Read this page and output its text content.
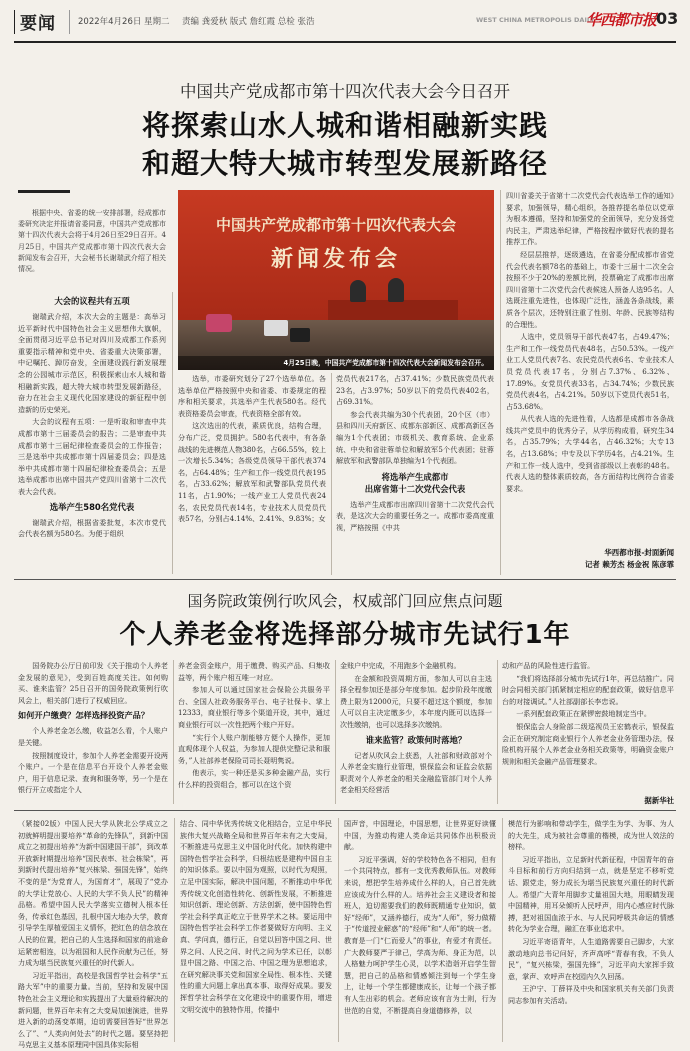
要闻	2022年4月26日 星期二 责编 龚爱秋 版式 詹红霞 总检 张浩	WEST CHINA METROPOLIS DAILY
华西都市报 03
中国共产党成都市第十四次代表大会今日召开
将探索山水人城和谐相融新实践
和超大特大城市转型发展新路径
根据中央、省委的统一安排部署，经成都市委研究决定并报请省委同意，中国共产党成都市第十四次代表大会将于4月26日至29日召开。4月25日，中国共产党成都市第十四次代表大会新闻发布会召开，大会秘书长谢瑞武介绍了相关情况。
大会的议程共有五项

谢瑞武介绍，本次大会的主题是：高举习近平新时代中国特色社会主义思想伟大旗帜，全面贯彻习近平总书记对四川及成都工作系列重要指示精神和党中央、省委重大决策部署，中记嘱托、踔厉奋发，全面建设践行新发展理念的公园城市示范区，积极探索山水人城和谐相融新实践，超大特大城市转型发展新路径，奋力在社会主义现代化国家建设的新征程中创造新的历史荣光。

大会的议程有五项：一是听取和审查中共成都市第十三届委员会的报告；二是审查中共成都市第十三届纪律检查委员会的工作报告；三是选举中共成都市第十四届委员会；四是选举中共成都市第十四届纪律检查委员会；五是选举成都市出席中国共产党四川省第十二次代表大会代表。

选举产生580名党代表

谢瑞武介绍，根据省委批复，本次市党代会代表名额为580名。为便于组织

中国共产党成都市第十四次代表大会
新闻发布会
4月25日晚，中国共产党成都市第十四次代表大会新闻发布会召开。

选举，市委研究划分了27个选举单位。各选举单位严格按照中央和省委、市委规定的程序和相关要求，共选举产生代表580名。经代表资格委员会审查，代表资格全部有效。

这次选出的代表，素质优良，结构合理，分布广泛，党员拥护。580名代表中，有各条战线的先进模范人物380名，占66.55%，较上一次增长5.34%；各级党员领导干部代表374名，占64.48%；生产和工作一线党员代表195名，占33.62%；解放军和武警部队党员代表11名，占1.90%；一线产业工人党员代表24名，农民党员代表14名，专业技术人员党员代表57名，分别占4.14%、2.41%、9.83%；女

党员代表217名，占37.41%；少数民族党员代表23名，占3.97%；50岁以下的党员代表402名，占69.31%。

参会代表共编为30个代表团，20个区（市）县和四川天府新区、成都东部新区、成都高新区各编为1个代表团；市级机关、教育系统、企业系统、中央和省驻蓉单位和解放军5个代表团；驻蓉解放军和武警部队单独编为1个代表团。

将选举产生成都市
出席省第十二次党代会代表

选举产生成都市出席四川省第十二次党代会代表，是这次大会的重要任务之一。成都市委高度重视，严格按照《中共

四川省委关于省第十二次党代会代表选举工作的通知》要求，加强领导，精心组织，各推荐提名单位以党章为根本遵循，坚持和加强党的全面领导，充分发扬党内民主，严肃选举纪律，严格按程序做好代表的提名推荐工作。

经层层推荐，逐级遴选，在省委分配成都市省党代会代表名额78名的基础上，市委十三届十二次全会按照不少于20%的差额比例，投票确定了成都市出席四川省第十二次党代会代表候选人预备人选95名。人选既注重先进性，也体现广泛性，涵盖各条战线，素质各个层次，还特别注重了性别、年龄、民族等结构的合理性。

人选中，党员领导干部代表47名，占49.47%；生产和工作一线党员代表48名，占50.53%。一线产业工人党员代表7名、农民党员代表6名、专业技术人员党员代表17名，分别占7.37%、6.32%、17.89%。女党员代表33名，占34.74%；少数民族党员代表4名，占4.21%。50岁以下党员代表51名，占53.68%。

从代表人选的先进性看，人选都是成都市各条战线共产党员中的优秀分子，从学历构成看，研究生34名，占35.79%；大学44名，占46.32%；大专13名，占13.68%；中专及以下学历4名，占4.21%。生产和工作一线人选中，受到省部级以上表彰的48名。代表人选的整体素质较高，各方面结构比例符合省委要求。

华西都市报-封面新闻
记者 赖芳杰 杨金祝 陈彦霏
国务院政策例行吹风会，权威部门回应焦点问题
个人养老金将选择部分城市先试行1年

国务院办公厅日前印发《关于推动个人养老金发展的意见》，受到百姓高度关注。如何购买、谁来监管？25日召开的国务院政策例行吹风会上，相关部门进行了权威回应。

如何开户缴费？怎样选择投资产品？

个人养老金怎么缴，收益怎么看，个人账户是关键。

按照制度设计，参加个人养老金需要开设两个账户。一个是在信息平台开设个人养老金账户，用于信息记录、查询和服务等，另一个是在银行开立或指定个人

养老金资金账户，用于缴费、购买产品、归集收益等，两个账户相互唯一对应。

参加人可以通过国家社会保险公共服务平台、全国人社政务服务平台、电子社保卡、掌上12333，商业银行等多个渠道开设，其中，通过商业银行可以一次性把两个账户开好。

“实行个人账户制能够方便个人操作，更加直观体现个人权益，为参加人提供完整记录和服务，”人社部养老保险司司长聂明隽说。

他表示，实一种还是买多种金融产品，实行什么样的投资组合，都可以在这个资

金账户中完成，不用跑多个金融机构。

在金额和投资周期方面，参加人可以自主选择全程参加还是部分年度参加。起步阶段年度缴费上限为12000元，只要不超过这个额度，参加人可以自主决定缴多少，本年度内既可以选择一次性缴纳，也可以选择多次缴纳。

谁来监管？政策何时落地？

记者从吹风会上获悉，人社部和财政部对个人养老金实施行业管理，银保监会和证监会依据职责对个人养老金的相关金融监管部门对个人养老金相关经营活

动和产品的风险性进行监管。

“我们将选择部分城市先试行1年，再总结推广。同时会同相关部门抓紧制定相应的配套政策，做好信息平台的对接调试。”人社部副部长李忠说。

一系列配套政策正在紧锣密鼓地制定当中。

银保监会人身险部二级巡视员王宏鹤表示，银保监会正在研究制定商业银行个人养老金业务管理办法，保险机构开展个人养老金业务相关政策等，明确资金账户规则和相关金融产品管理要求。

据新华社

（紧接02版）中国人民大学从陕北公学成立之初就鲜明提出要培养“革命的先锋队”，到新中国成立之初提出培养“为新中国建国干部”，到改革开放新时期提出培养“国民表率、社会栋梁”，再到新时代提出培养“复兴栋梁、强国先锋”，始终不变的是“为党育人，为国育才”，展现了“党办的大学让党放心、人民的大学不负人民”的精神品格。希望中国人民大学落实立德树人根本任务，传承红色基因，扎根中国大地办大学，教育引导学生厚植爱国主义情怀，把红色的信念放在人民的位置，把自己的人生选择和国家的前途命运紧密相连，以为祖国和人民作贡献为己任，努力成为堪当民族复兴重任的时代新人。

习近平指出，高校是我国哲学社会科学“五路大军”中的重要力量。当前，坚持和发展中国特色社会主义理论和实践提出了大量亟待解决的新问题，世界百年未有之大变局加速演进，世界进入新的动荡变革期，迫切需要回答好“世界怎么了”、“人类向何处去”的时代之题。要坚持把马克思主义基本原理同中国具体实际相

结合、同中华优秀传统文化相结合，立足中华民族伟大复兴战略全局和世界百年未有之大变局，不断推进马克思主义中国化时代化。加快构建中国特色哲学社会科学，归根结底是建构中国自主的知识体系。要以中国为观照，以时代为观照，立足中国实际，解决中国问题，不断推动中华优秀传统文化创造性转化、创新性发展，不断推进知识创新、理论创新、方法创新，使中国特色哲学社会科学真正屹立于世界学术之林。要运用中国特色哲学社会科学工作者要做好方向明、主义真、学问真，德行正，自觉以回答中国之问、世界之问、人民之问、时代之问为学术已任，以彰显中国之路、中国之治、中国之理为思想追求，在研究解决事关党和国家全局性、根本性、关键性的重大问题上拿出真本事、取得好成果。要发挥哲学社会科学在文化建设中的重要作用，增进文明交流中的独特作用，传播中

国声音，中国理论，中国思想，让世界更好读懂中国，为推动构建人类命运共同体作出积极贡献。

习近平强调，好的学校特色各不相同，但有一个共同特点，都有一支优秀教师队伍。对教师来说，想把学生培养成什么样的人，自己首先就应该成为什么样的人。培养社会主义建设者和接班人，迫切需要我们的教师既精通专业知识，做好“经师”，又涵养德行，成为“人师”，努力做精于“传道授业解惑”的“经师”和“人师”的统一者。教育是一门“仁而爱人”的事业，有爱才有责任。广大教师要严于律己，学高为师、身正为范，以人格魅力呵护学生心灵，以学术造诣开启学生智慧，把自己的品格和情感倾注到每一个学生身上，让每一个学生都健康成长，让每一个孩子都有人生出彩的机会。老师应该有言为士则，行为世范的自觉，不断提高自身道德修养，以

模范行为影响和带动学生，做学生为学、为事、为人的大先生，成为被社会尊重的楷模，成为世人效法的榜样。

习近平指出，立足新时代新征程，中国青年的奋斗目标和前行方向归结到一点，就是坚定不移听党话、跟党走，努力成长为堪当民族复兴重任的时代新人。希望广大青年用脚步丈量祖国大地，用眼睛发现中国精神，用耳朵倾听人民呼声，用内心感应时代脉搏，把对祖国血浓于水、与人民同呼吸共命运的情感转化为学业合理，融汇在事业追求中。

习近平寄语青年，人生道路需要自己脚步，大家激动地向总书记问好，齐声高呼“青春有我，不负人民”，“复兴栋梁，强国先锋”，习近平向大家挥手致意，掌声、欢呼声在校园内久久回荡。

王沪宁、丁薛祥及中央和国家机关有关部门负责同志参加有关活动。
